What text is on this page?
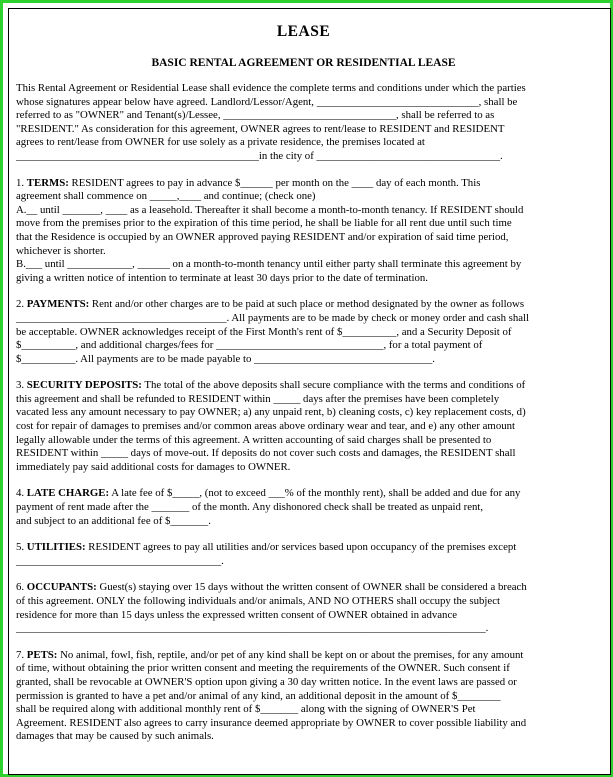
LEASE
BASIC RENTAL AGREEMENT OR RESIDENTIAL LEASE
This Rental Agreement or Residential Lease shall evidence the complete terms and conditions under which the parties
whose signatures appear below have agreed. Landlord/Lessor/Agent, ______________________________, shall be
referred to as "OWNER" and Tenant(s)/Lessee, ________________________________, shall be referred to as
"RESIDENT." As consideration for this agreement, OWNER agrees to rent/lease to RESIDENT and RESIDENT
agrees to rent/lease from OWNER for use solely as a private residence, the premises located at
_____________________________________________in the city of __________________________________.
1. TERMS: RESIDENT agrees to pay in advance $______ per month on the ____ day of each month. This
agreement shall commence on _____,____ and continue; (check one)
A.__ until _______, ____ as a leasehold. Thereafter it shall become a month-to-month tenancy. If RESIDENT should
move from the premises prior to the expiration of this time period, he shall be liable for all rent due until such time
that the Residence is occupied by an OWNER approved paying RESIDENT and/or expiration of said time period,
whichever is shorter.
B.___ until ____________, ______ on a month-to-month tenancy until either party shall terminate this agreement by
giving a written notice of intention to terminate at least 30 days prior to the date of termination.
2. PAYMENTS: Rent and/or other charges are to be paid at such place or method designated by the owner as follows
_______________________________________. All payments are to be made by check or money order and cash shall
be acceptable. OWNER acknowledges receipt of the First Month's rent of $__________, and a Security Deposit of
$__________, and additional charges/fees for _______________________________, for a total payment of
$__________. All payments are to be made payable to _________________________________.
3. SECURITY DEPOSITS: The total of the above deposits shall secure compliance with the terms and conditions of
this agreement and shall be refunded to RESIDENT within _____ days after the premises have been completely
vacated less any amount necessary to pay OWNER; a) any unpaid rent, b) cleaning costs, c) key replacement costs, d)
cost for repair of damages to premises and/or common areas above ordinary wear and tear, and e) any other amount
legally allowable under the terms of this agreement. A written accounting of said charges shall be presented to
RESIDENT within _____ days of move-out. If deposits do not cover such costs and damages, the RESIDENT shall
immediately pay said additional costs for damages to OWNER.
4. LATE CHARGE: A late fee of $_____, (not to exceed ___% of the monthly rent), shall be added and due for any
payment of rent made after the _______ of the month. Any dishonored check shall be treated as unpaid rent,
and subject to an additional fee of $_______.
5. UTILITIES: RESIDENT agrees to pay all utilities and/or services based upon occupancy of the premises except
______________________________________.
6. OCCUPANTS: Guest(s) staying over 15 days without the written consent of OWNER shall be considered a breach
of this agreement. ONLY the following individuals and/or animals, AND NO OTHERS shall occupy the subject
residence for more than 15 days unless the expressed written consent of OWNER obtained in advance
_______________________________________________________________________________________.
7. PETS: No animal, fowl, fish, reptile, and/or pet of any kind shall be kept on or about the premises, for any amount
of time, without obtaining the prior written consent and meeting the requirements of the OWNER. Such consent if
granted, shall be revocable at OWNER'S option upon giving a 30 day written notice. In the event laws are passed or
permission is granted to have a pet and/or animal of any kind, an additional deposit in the amount of $________
shall be required along with additional monthly rent of $_______ along with the signing of OWNER'S Pet
Agreement. RESIDENT also agrees to carry insurance deemed appropriate by OWNER to cover possible liability and
damages that may be caused by such animals.
